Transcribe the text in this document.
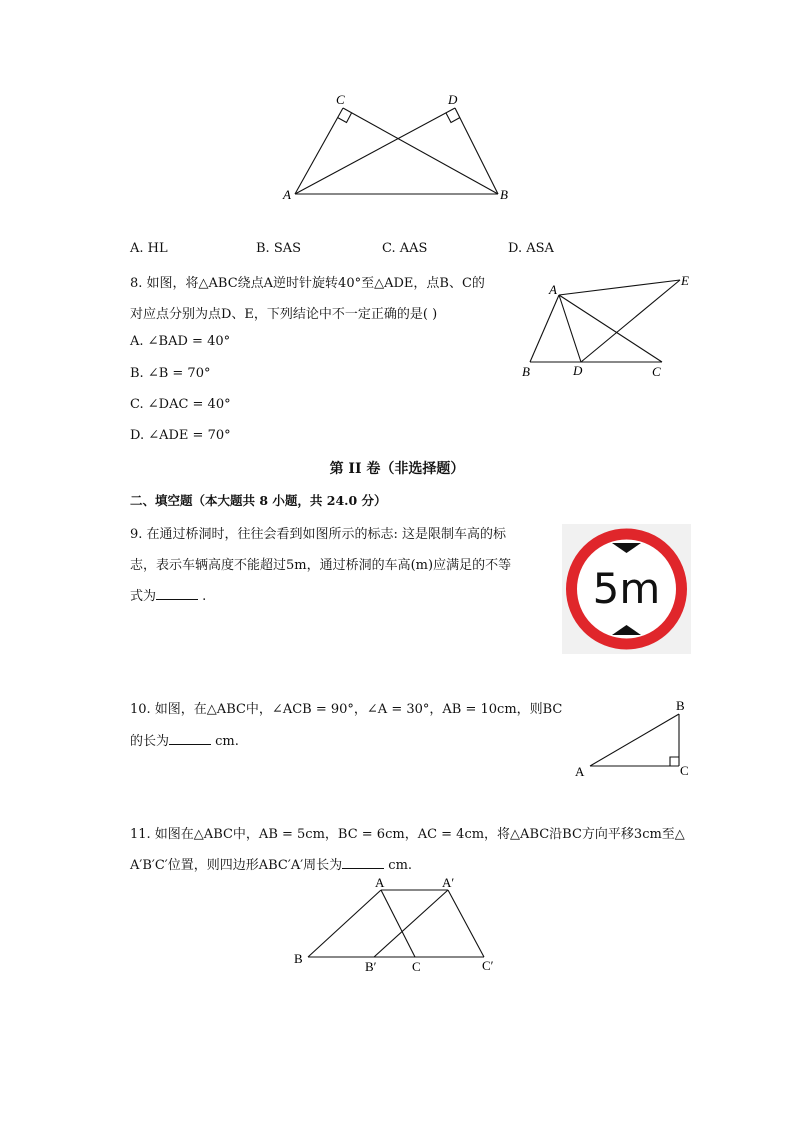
C	D
A	B
A. HL	B. SAS	C. AAS	D. ASA
8. 如图，将△ABC绕点A逆时针旋转40°至△ADE，点B、C的
对应点分别为点D、E，下列结论中不一定正确的是( )
A. ∠BAD = 40°
B. ∠B = 70°
C. ∠DAC = 40°
D. ∠ADE = 70°
A
E
B	D	C
第 II 卷（非选择题）
二、填空题（本大题共 8 小题，共 24.0 分）
9. 在通过桥洞时，往往会看到如图所示的标志: 这是限制车高的标
志，表示车辆高度不能超过5m，通过桥洞的车高(m)应满足的不等
式为	.	5m
10. 如图，在△ABC中，∠ACB = 90°，∠A = 30°，AB = 10cm，则BC
的长为	cm.
B
A	C
11. 如图在△ABC中，AB = 5cm，BC = 6cm，AC = 4cm，将△ABC沿BC方向平移3cm至△
A′B′C′位置，则四边形ABC′A′周长为	cm.
A	A′
B
B′	C	C′
